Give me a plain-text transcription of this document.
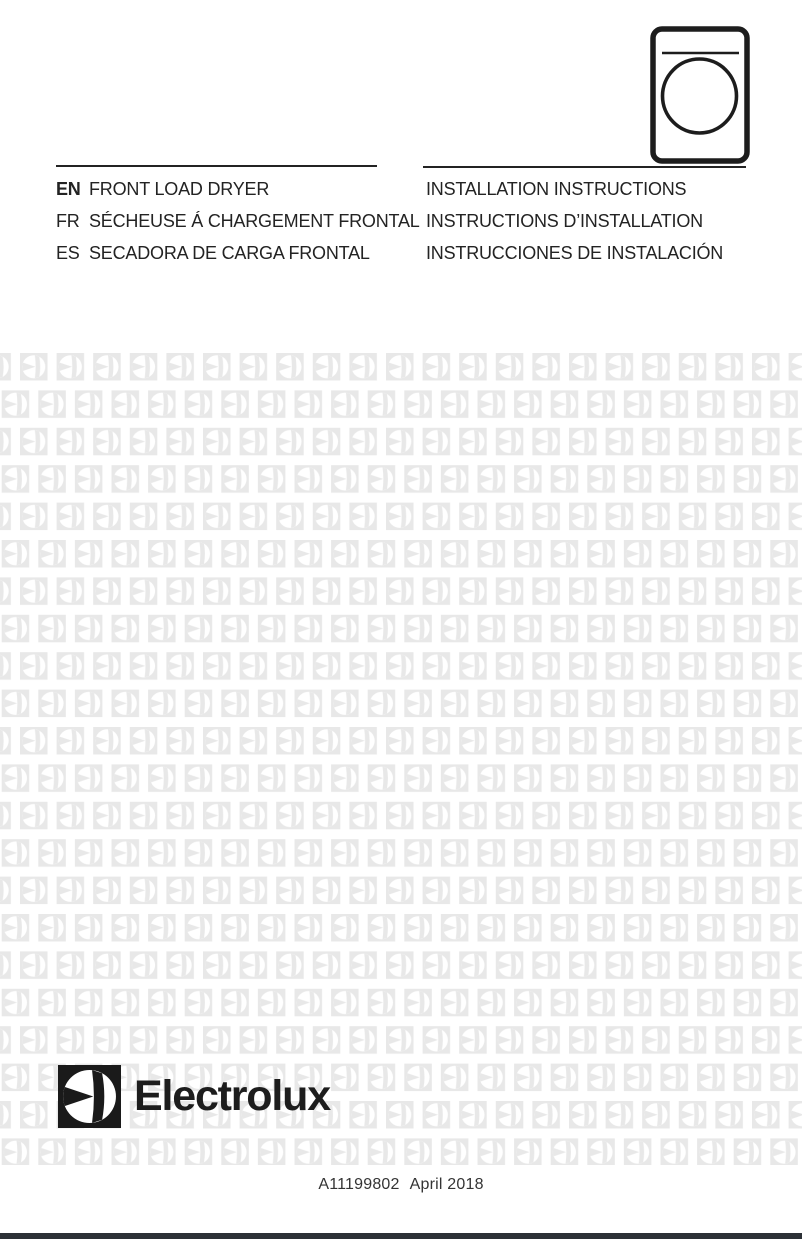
EN FRONT LOAD DRYER
FR SÉCHEUSE Á CHARGEMENT FRONTAL
ES SECADORA DE CARGA FRONTAL
INSTALLATION INSTRUCTIONS
INSTRUCTIONS D’INSTALLATION
INSTRUCCIONES DE INSTALACIÓN
Electrolux
A11199802 April 2018
